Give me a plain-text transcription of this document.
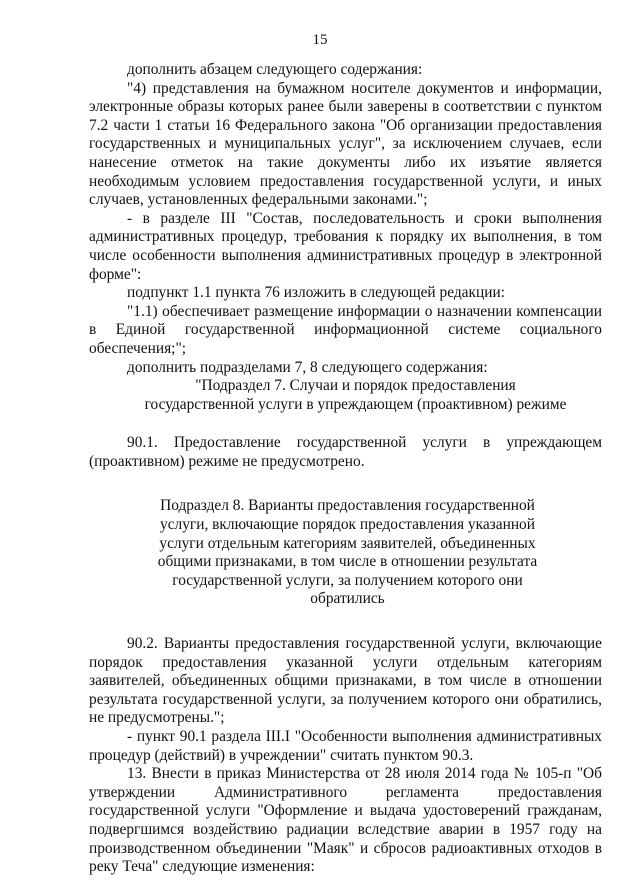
15

дополнить абзацем следующего содержания:

"4) представления на бумажном носителе документов и информации, электронные образы которых ранее были заверены в соответствии с пунктом 7.2 части 1 статьи 16 Федерального закона "Об организации предоставления государственных и муниципальных услуг", за исключением случаев, если нанесение отметок на такие документы либо их изъятие является необходимым условием предоставления государственной услуги, и иных случаев, установленных федеральными законами.";

- в разделе III "Состав, последовательность и сроки выполнения административных процедур, требования к порядку их выполнения, в том числе особенности выполнения административных процедур в электронной форме":

подпункт 1.1 пункта 76 изложить в следующей редакции:

"1.1) обеспечивает размещение информации о назначении компенсации в Единой государственной информационной системе социального обеспечения;";

дополнить подразделами 7, 8 следующего содержания:

"Подраздел 7. Случаи и порядок предоставления

государственной услуги в упреждающем (проактивном) режиме

90.1. Предоставление государственной услуги в упреждающем (проактивном) режиме не предусмотрено.

Подраздел 8. Варианты предоставления государственной услуги, включающие порядок предоставления указанной услуги отдельным категориям заявителей, объединенных общими признаками, в том числе в отношении результата государственной услуги, за получением которого они обратились

90.2. Варианты предоставления государственной услуги, включающие порядок предоставления указанной услуги отдельным категориям заявителей, объединенных общими признаками, в том числе в отношении результата государственной услуги, за получением которого они обратились, не предусмотрены.";

- пункт 90.1 раздела III.I "Особенности выполнения административных процедур (действий) в учреждении" считать пунктом 90.3.

13. Внести в приказ Министерства от 28 июля 2014 года № 105-п "Об утверждении Административного регламента предоставления государственной услуги "Оформление и выдача удостоверений гражданам, подвергшимся воздействию радиации вследствие аварии в 1957 году на производственном объединении "Маяк" и сбросов радиоактивных отходов в реку Теча" следующие изменения:
